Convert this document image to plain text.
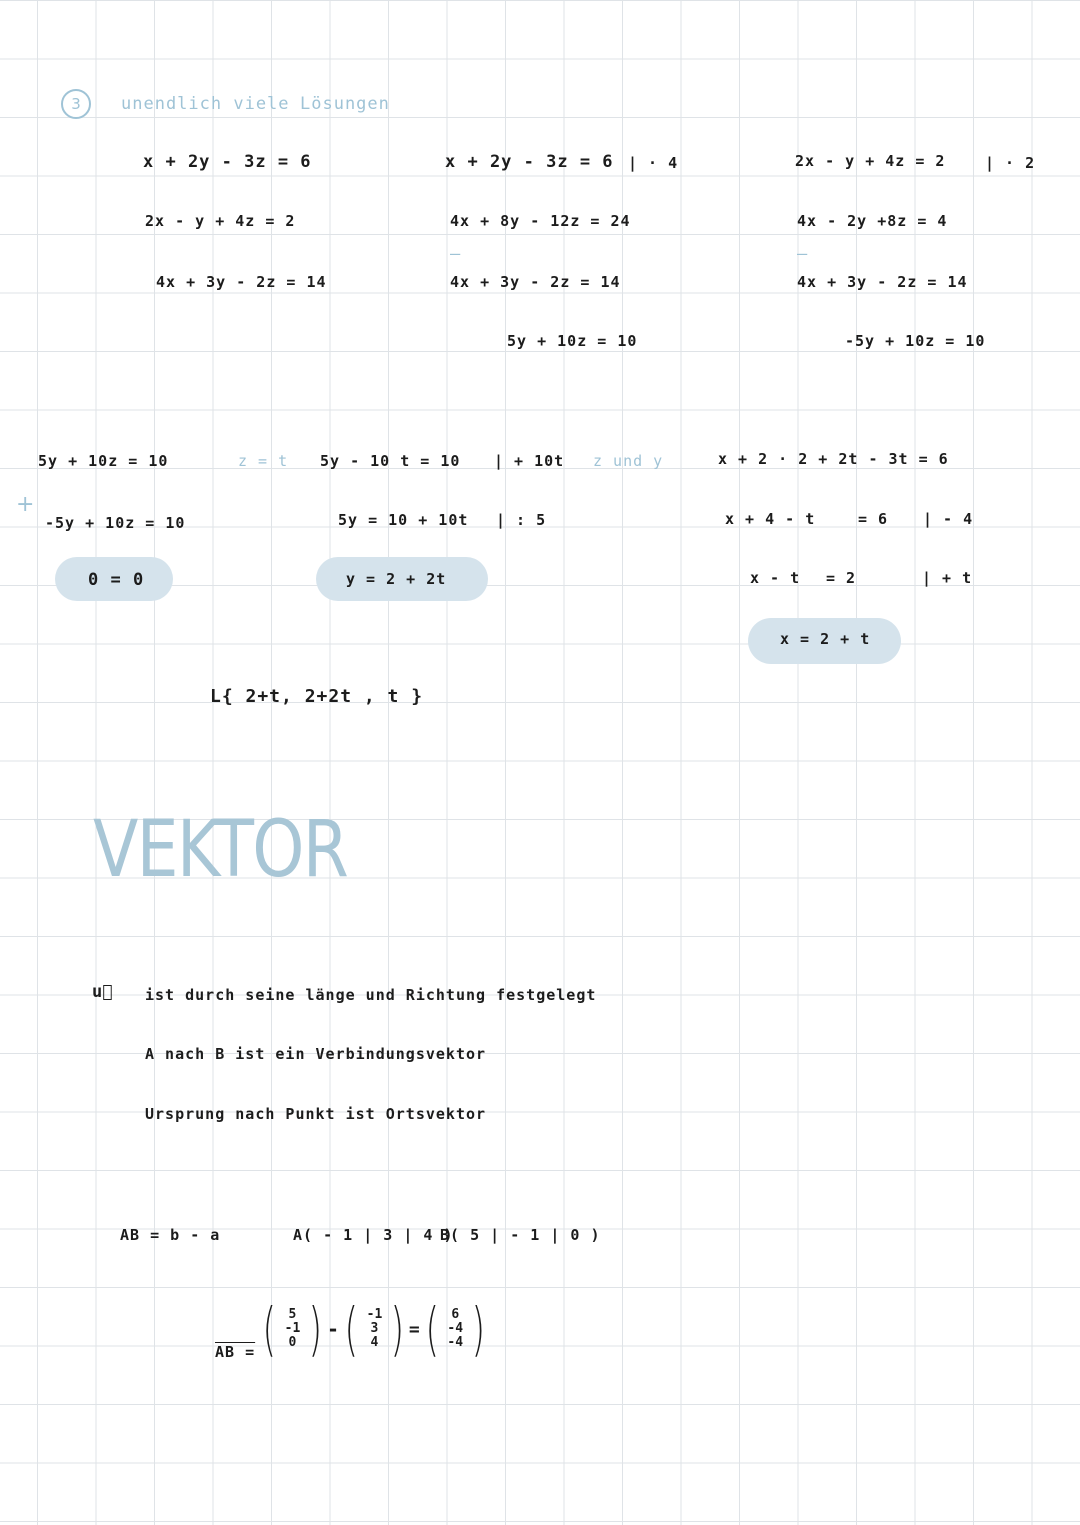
3	unendlich viele Lösungen
x + 2y - 3z = 6
2x - y + 4z = 2
4x + 3y - 2z = 14
x + 2y - 3z = 6 | · 4
4x + 8y - 12z = 24
–
4x + 3y - 2z = 14
5y + 10z = 10
2x - y + 4z = 2	| · 2
4x - 2y +8z = 4
–
4x + 3y - 2z = 14
-5y + 10z = 10
5y + 10z = 10
+
-5y + 10z = 10
0 = 0
z = t 5y - 10 t = 10 | + 10t z und y
5y = 10 + 10t | : 5
y = 2 + 2t
x + 2 · 2 + 2t - 3t = 6
x + 4 - t	= 6 | - 4
x - t = 2	| + t
x = 2 + t
L{ 2+t, 2+2t , t }
VEKTOR
u⃗ ist durch seine länge und Richtung festgelegt
A nach B ist ein Verbindungsvektor
Ursprung nach Punkt ist Ortsvektor
AB = b - a	A( - 1 | 3 | 4 )
B( 5 | - 1 | 0 )
AB = ( 5
-1
0 ) - ( -1
3
4 ) = ( 6
-4
-4 )
